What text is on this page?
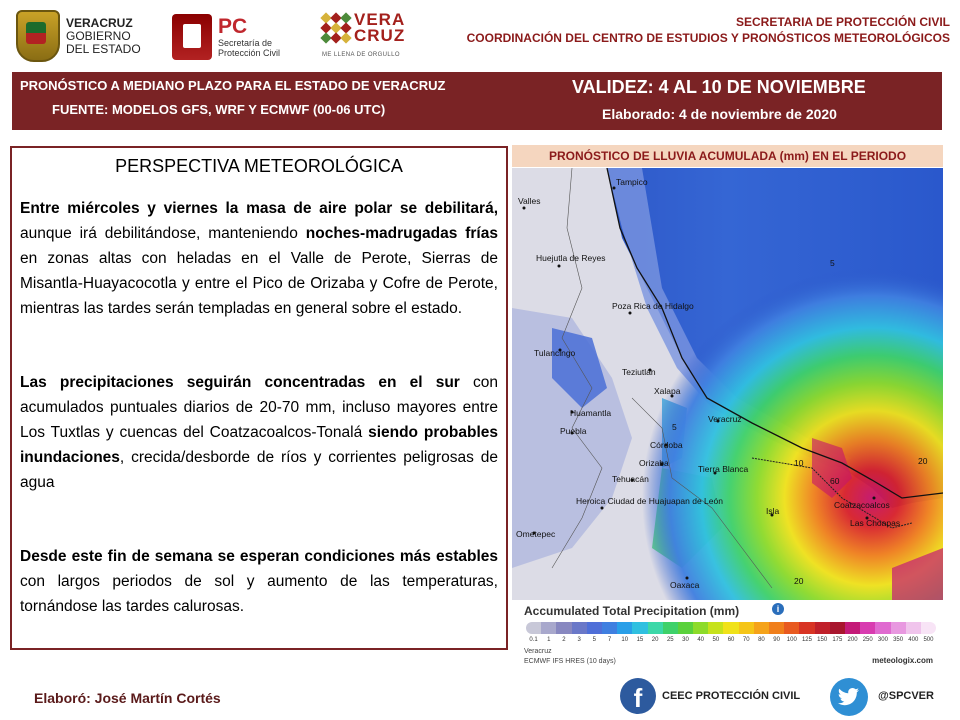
VERACRUZ
GOBIERNO
DEL ESTADO
PC
Secretaría de
Protección Civil
VERA
CRUZ
ME LLENA DE ORGULLO
SECRETARIA DE PROTECCIÓN CIVIL
COORDINACIÓN DEL CENTRO DE ESTUDIOS Y PRONÓSTICOS METEOROLÓGICOS
PRONÓSTICO A MEDIANO PLAZO PARA EL ESTADO DE VERACRUZ
FUENTE: MODELOS GFS, WRF Y ECMWF (00-06 UTC)
VALIDEZ: 4 AL 10 DE NOVIEMBRE
Elaborado: 4 de noviembre de 2020
PERSPECTIVA METEOROLÓGICA
Entre miércoles y viernes la masa de aire polar se debilitará, aunque irá debilitándose, manteniendo noches-madrugadas frías en zonas altas con heladas en el Valle de Perote, Sierras de Misantla-Huayacocotla y entre el Pico de Orizaba y Cofre de Perote, mientras las tardes serán templadas en general sobre el estado.
Las precipitaciones seguirán concentradas en el sur con acumulados puntuales diarios de 20-70 mm, incluso mayores entre Los Tuxtlas y cuencas del Coatzacoalcos-Tonalá siendo probables inundaciones, crecida/desborde de ríos y corrientes peligrosas de agua
Desde este fin de semana se esperan condiciones más estables con largos periodos de sol y aumento de las temperaturas, tornándose las tardes calurosas.
PRONÓSTICO DE LLUVIA ACUMULADA (mm) EN EL PERIODO
Tampico
Valles
Huejutla de Reyes
Poza Rica de Hidalgo
Tulancingo
Teziutlán
Xalapa
Veracruz
Huamantla
Puebla
Córdoba
Orizaba
Tehuacán
Tierra Blanca
Heroica Ciudad de Huajuapan de León	Coatzacoalcos
Las Choapas
Isla
Oaxaca
Ometepec
5
5
10
60
20
20
Accumulated Total Precipitation (mm)	i
0.1	1	2	3	5	7	10	15	20	25	30	40	50	60	70	80	90	100 125 150 175 200 250 300 350 400 500
Veracruz
ECMWF IFS HRES (10 days)	meteologix.com
Elaboró: José Martín Cortés	f	CEEC PROTECCIÓN CIVIL	@SPCVER
